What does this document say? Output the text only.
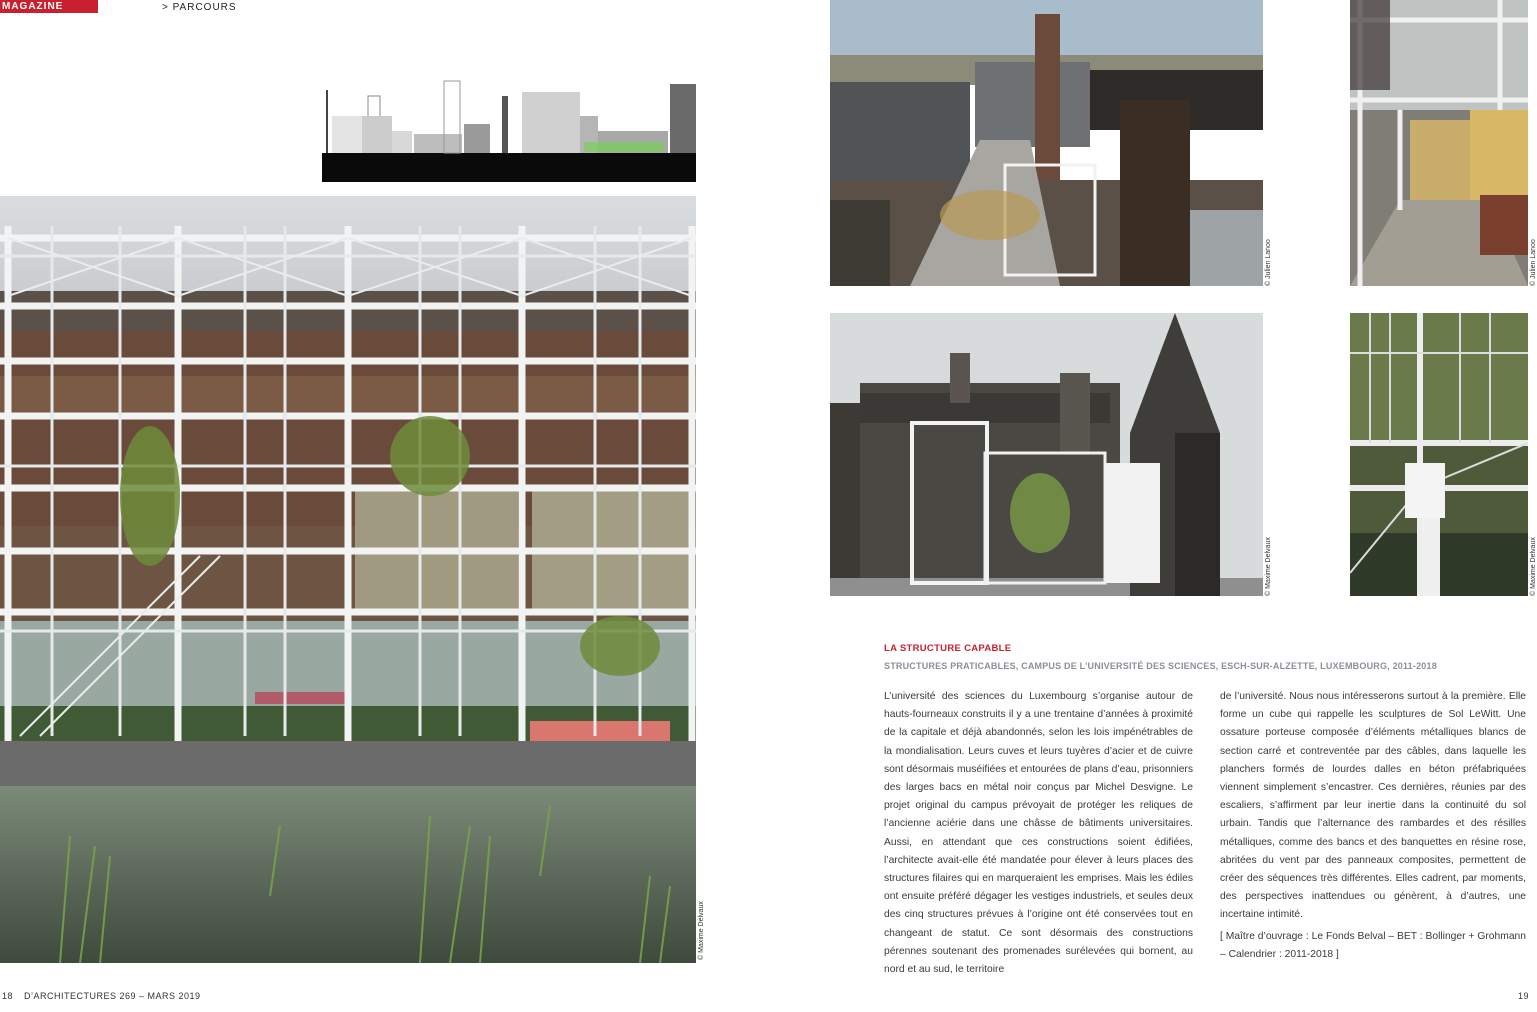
MAGAZINE	> PARCOURS
© Maxime Delvaux
© Julien Lanoo	© Julien Lanoo
© Maxime Delvaux	© Maxime Delvaux
LA STRUCTURE CAPABLE
STRUCTURES PRATICABLES, CAMPUS DE L’UNIVERSITÉ DES SCIENCES, ESCH-SUR-ALZETTE, LUXEMBOURG, 2011-2018
L’université des sciences du Luxembourg s’organise autour de hauts-fourneaux construits il y a une trentaine d’années à proximité de la capitale et déjà abandonnés, selon les lois impénétrables de la mondialisation. Leurs cuves et leurs tuyères d’acier et de cuivre sont désormais muséifiées et entourées de plans d’eau, prisonniers des larges bacs en métal noir conçus par Michel Desvigne. Le projet original du campus prévoyait de protéger les reliques de l’ancienne aciérie dans une châsse de bâtiments universitaires. Aussi, en attendant que ces constructions soient édifiées, l’architecte avait-elle été mandatée pour élever à leurs places des structures filaires qui en marqueraient les emprises. Mais les édiles ont ensuite préféré dégager les vestiges industriels, et seules deux des cinq structures prévues à l’origine ont été conservées tout en changeant de statut. Ce sont désormais des constructions pérennes soutenant des promenades surélevées qui bornent, au nord et au sud, le territoire
de l’université. Nous nous intéresserons surtout à la première. Elle forme un cube qui rappelle les sculptures de Sol LeWitt. Une ossature porteuse composée d’éléments métalliques blancs de section carré et contreventée par des câbles, dans laquelle les planchers formés de lourdes dalles en béton préfabriquées viennent simplement s’encastrer. Ces dernières, réunies par des escaliers, s’affirment par leur inertie dans la continuité du sol urbain. Tandis que l’alternance des rambardes et des résilles métalliques, comme des bancs et des banquettes en résine rose, abritées du vent par des panneaux composites, permettent de créer des séquences très différentes. Elles cadrent, par moments, des perspectives inattendues ou génèrent, à d’autres, une incertaine intimité.
[ Maître d’ouvrage : Le Fonds Belval – BET : Bollinger + Grohmann – Calendrier : 2011-2018 ]
18 D’ARCHITECTURES 269 – MARS 2019	19
